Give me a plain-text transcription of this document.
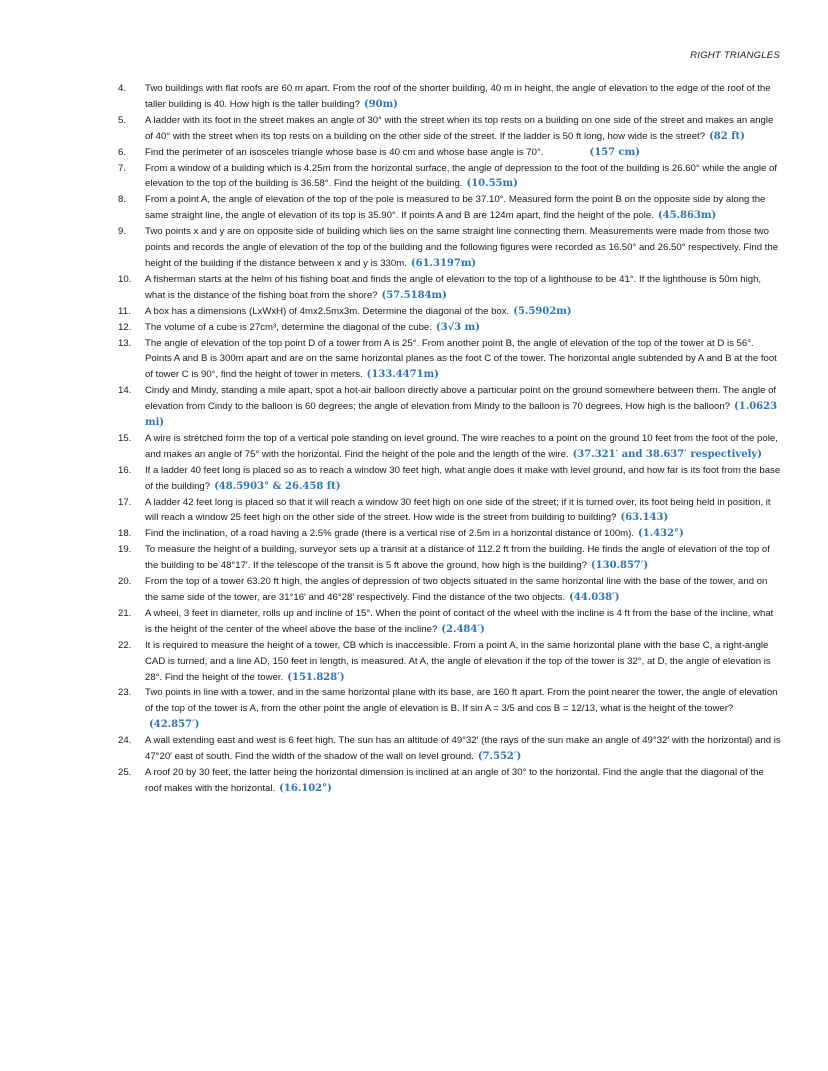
RIGHT TRIANGLES
4.	Two buildings with flat roofs are 60 m apart. From the roof of the shorter building, 40 m in height, the angle of elevation to the edge of the roof of the taller building is 40. How high is the taller building? (90m)
5.	A ladder with its foot in the street makes an angle of 30° with the street when its top rests on a building on one side of the street and makes an angle of 40° with the street when its top rests on a building on the other side of the street. If the ladder is 50 ft long, how wide is the street? (82 ft)
6.	Find the perimeter of an isosceles triangle whose base is 40 cm and whose base angle is 70°.	(157 cm)
7.	From a window of a building which is 4.25m from the horizontal surface, the angle of depression to the foot of the building is 26.60° while the angle of elevation to the top of the building is 36.58°. Find the height of the building. (10.55m)
8.	From a point A, the angle of elevation of the top of the pole is measured to be 37.10°. Measured form the point B on the opposite side by along the same straight line, the angle of elevation of its top is 35.90°. If points A and B are 124m apart, find the height of the pole. (45.863m)
9.	Two points x and y are on opposite side of building which lies on the same straight line connecting them. Measurements were made from those two points and records the angle of elevation of the top of the building and the following figures were recorded as 16.50° and 26.50° respectively. Find the height of the building if the distance between x and y is 330m. (61.3197m)
10.	A fisherman starts at the helm of his fishing boat and finds the angle of elevation to the top of a lighthouse to be 41°. If the lighthouse is 50m high, what is the distance of the fishing boat from the shore? (57.5184m)
11.	A box has a dimensions (LxWxH) of 4mx2.5mx3m. Determine the diagonal of the box. (5.5902m)
12.	The volume of a cube is 27cm³, determine the diagonal of the cube. (3√3 m)
13.	The angle of elevation of the top point D of a tower from A is 25°. From another point B, the angle of elevation of the top of the tower at D is 56°. Points A and B is 300m apart and are on the same horizontal planes as the foot C of the tower. The horizontal angle subtended by A and B at the foot of tower C is 90°, find the height of tower in meters. (133.4471m)
14.	Cindy and Mindy, standing a mile apart, spot a hot-air balloon directly above a particular point on the ground somewhere between them. The angle of elevation from Cindy to the balloon is 60 degrees; the angle of elevation from Mindy to the balloon is 70 degrees. How high is the balloon? (1.0623 mi)
15.	A wire is stretched form the top of a vertical pole standing on level ground. The wire reaches to a point on the ground 10 feet from the foot of the pole, and makes an angle of 75° with the horizontal. Find the height of the pole and the length of the wire. (37.321′ and 38.637′ respectively)
16.	If a ladder 40 feet long is placed so as to reach a window 30 feet high, what angle does it make with level ground, and how far is its foot from the base of the building? (48.5903° & 26.458 ft)
17.	A ladder 42 feet long is placed so that it will reach a window 30 feet high on one side of the street; if it is turned over, its foot being held in position, it will reach a window 25 feet high on the other side of the street. How wide is the street from building to building? (63.143)
18.	Find the inclination, of a road having a 2.5% grade (there is a vertical rise of 2.5m in a horizontal distance of 100m). (1.432°)
19.	To measure the height of a building, surveyor sets up a transit at a distance of 112.2 ft from the building. He finds the angle of elevation of the top of the building to be 48°17′. If the telescope of the transit is 5 ft above the ground, how high is the building? (130.857′)
20.	From the top of a tower 63.20 ft high, the angles of depression of two objects situated in the same horizontal line with the base of the tower, and on the same side of the tower, are 31°16′ and 46°28′ respectively. Find the distance of the two objects. (44.038′)
21.	A wheel, 3 feet in diameter, rolls up and incline of 15°. When the point of contact of the wheel with the incline is 4 ft from the base of the incline, what is the height of the center of the wheel above the base of the incline? (2.484′)
22.	It is required to measure the height of a tower, CB which is inaccessible. From a point A, in the same horizontal plane with the base C, a right-angle CAD is turned, and a line AD, 150 feet in length, is measured. At A, the angle of elevation if the top of the tower is 32°, at D, the angle of elevation is 28°. Find the height of the tower. (151.828′)
23.	Two points in line with a tower, and in the same horizontal plane with its base, are 160 ft apart. From the point nearer the tower, the angle of elevation of the top of the tower is A, from the other point the angle of elevation is B. If sin A = 3/5 and cos B = 12/13, what is the height of the tower?(42.857′)
24.	A wall extending east and west is 6 feet high. The sun has an altitude of 49°32′ (the rays of the sun make an angle of 49°32′ with the horizontal) and is 47°20′ east of south. Find the width of the shadow of the wall on level ground. (7.552′)
25.	A roof 20 by 30 feet, the latter being the horizontal dimension is inclined at an angle of 30° to the horizontal. Find the angle that the diagonal of the roof makes with the horizontal. (16.102°)
